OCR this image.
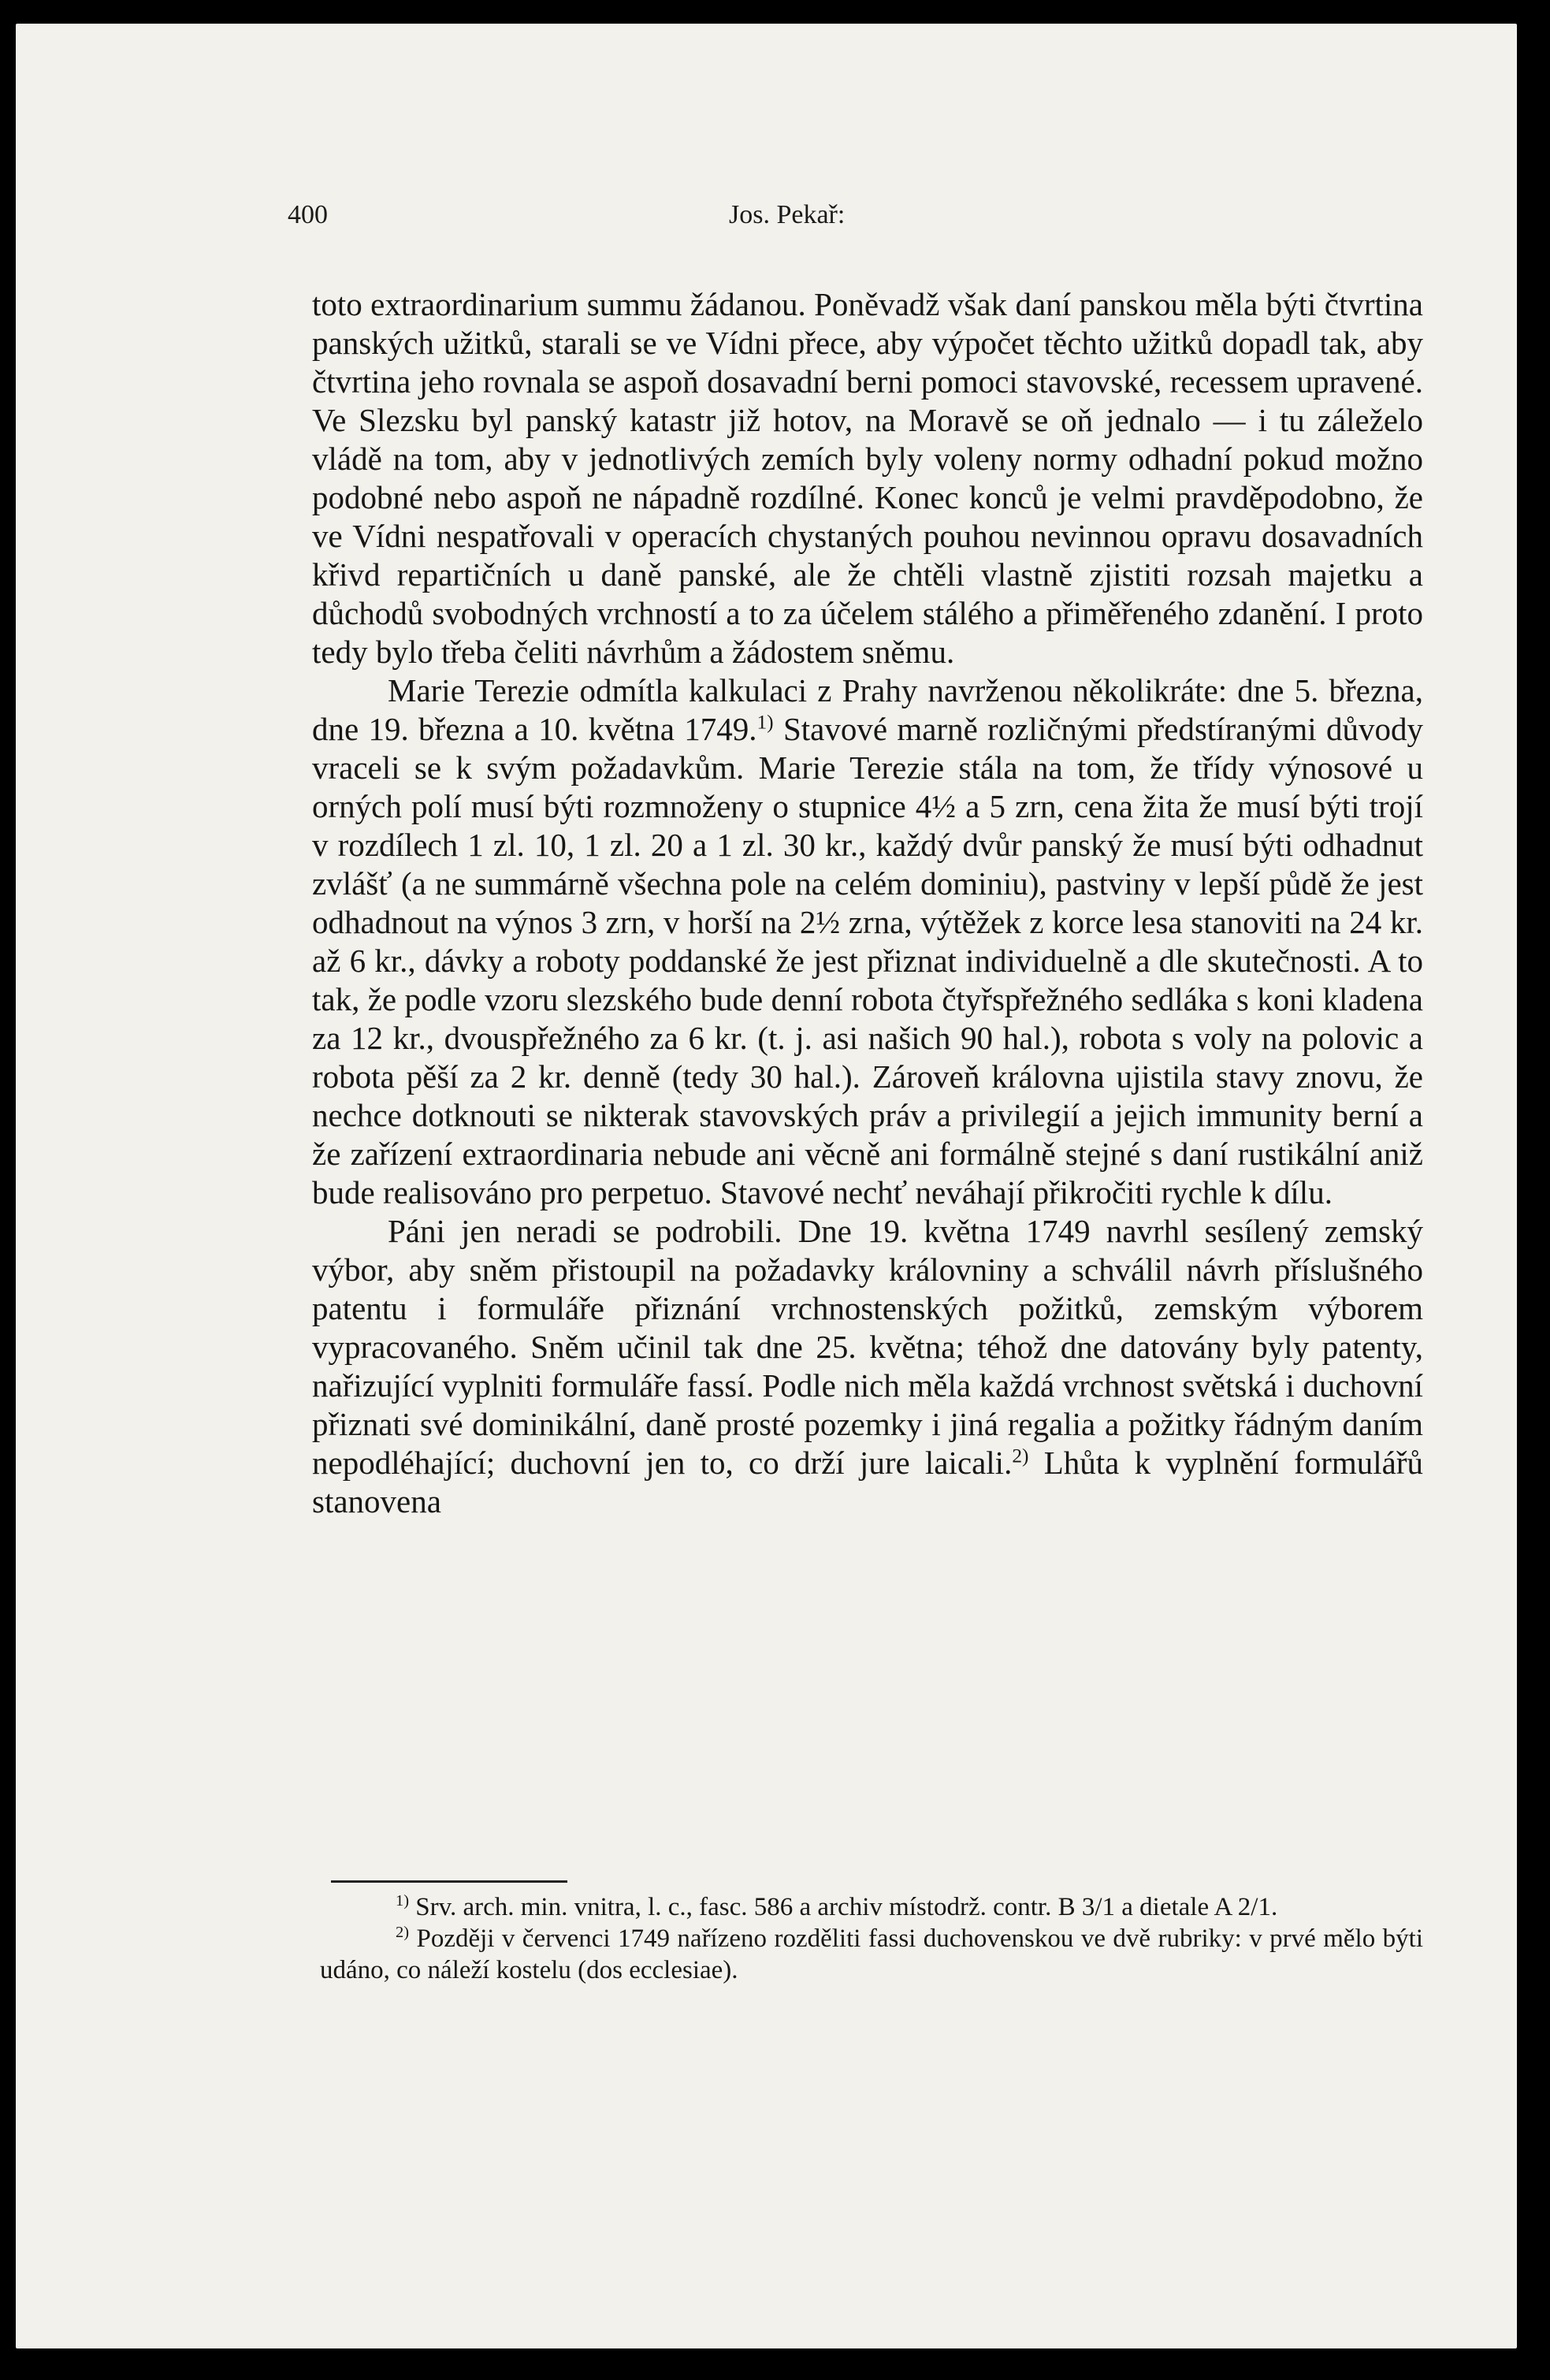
400	Jos. Pekař:

toto extraordinarium summu žádanou. Poněvadž však daní panskou měla býti čtvrtina panských užitků, starali se ve Vídni přece, aby výpočet těchto užitků dopadl tak, aby čtvrtina jeho rovnala se aspoň dosavadní berni pomoci stavovské, recessem upravené. Ve Slezsku byl panský katastr již hotov, na Moravě se oň jednalo — i tu záleželo vládě na tom, aby v jednotlivých zemích byly voleny normy odhadní pokud možno podobné nebo aspoň ne nápadně rozdílné. Konec konců je velmi pravděpodobno, že ve Vídni nespatřovali v operacích chystaných pouhou nevinnou opravu dosavadních křivd repartičních u daně panské, ale že chtěli vlastně zjistiti rozsah majetku a důchodů svobodných vrchností a to za účelem stálého a přiměřeného zdanění. I proto tedy bylo třeba čeliti návrhům a žádostem sněmu.

Marie Terezie odmítla kalkulaci z Prahy navrženou několikráte: dne 5. března, dne 19. března a 10. května 1749.$^{1)}$ Stavové marně rozličnými předstíranými důvody vraceli se k svým požadavkům. Marie Terezie stála na tom, že třídy výnosové u orných polí musí býti rozmnoženy o stupnice 4½ a 5 zrn, cena žita že musí býti trojí v rozdílech 1 zl. 10, 1 zl. 20 a 1 zl. 30 kr., každý dvůr panský že musí býti odhadnut zvlášť (a ne summárně všechna pole na celém dominiu), pastviny v lepší půdě že jest odhadnout na výnos 3 zrn, v horší na 2½ zrna, výtěžek z korce lesa stanoviti na 24 kr. až 6 kr., dávky a roboty poddanské že jest přiznat individuelně a dle skutečnosti. A to tak, že podle vzoru slezského bude denní robota čtyřspřežného sedláka s koni kladena za 12 kr., dvouspřežného za 6 kr. (t. j. asi našich 90 hal.), robota s voly na polovic a robota pěší za 2 kr. denně (tedy 30 hal.). Zároveň královna ujistila stavy znovu, že nechce dotknouti se nikterak stavovských práv a privilegií a jejich immunity berní a že zařízení extraordinaria nebude ani věcně ani formálně stejné s daní rustikální aniž bude realisováno pro perpetuo. Stavové nechť neváhají přikročiti rychle k dílu.

Páni jen neradi se podrobili. Dne 19. května 1749 navrhl sesílený zemský výbor, aby sněm přistoupil na požadavky královniny a schválil návrh příslušného patentu i formuláře přiznání vrchnostenských požitků, zemským výborem vypracovaného. Sněm učinil tak dne 25. května; téhož dne datovány byly patenty, nařizující vyplniti formuláře fassí. Podle nich měla každá vrchnost světská i duchovní přiznati své dominikální, daně prosté pozemky i jiná regalia a požitky řádným daním nepodléhající; duchovní jen to, co drží jure laicali.$^{2)}$ Lhůta k vyplnění formulářů stanovena

$^{1)}$ Srv. arch. min. vnitra, l. c., fasc. 586 a archiv místodrž. contr. B 3/1 a dietale A 2/1.

$^{2)}$ Později v červenci 1749 nařízeno rozděliti fassi duchovenskou ve dvě rubriky: v prvé mělo býti udáno, co náleží kostelu (dos ecclesiae).
